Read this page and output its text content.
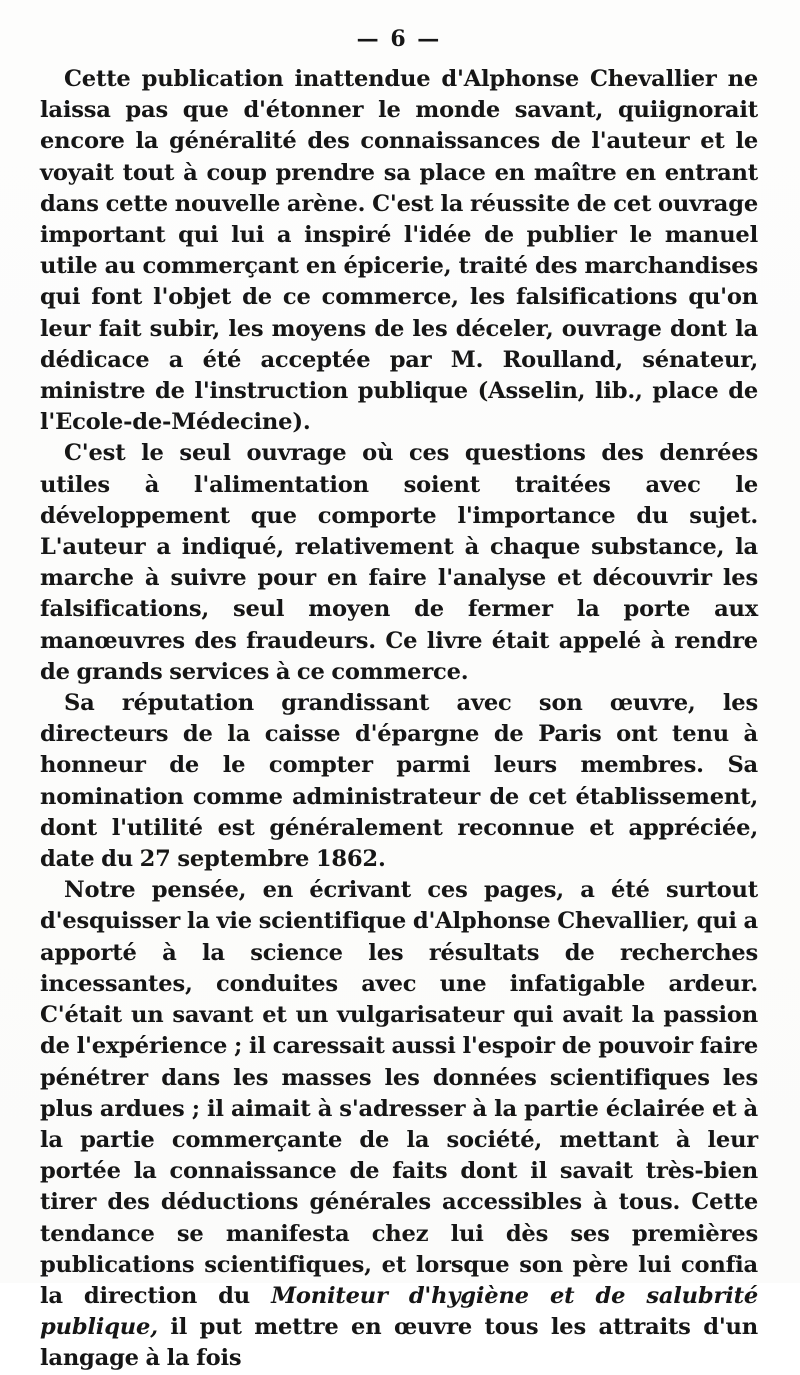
— 6 —

Cette publication inattendue d'Alphonse Chevallier ne laissa pas que d'étonner le monde savant, quiignorait encore la généralité des connaissances de l'auteur et le voyait tout à coup prendre sa place en maître en entrant dans cette nouvelle arène. C'est la réussite de cet ouvrage important qui lui a inspiré l'idée de publier le manuel utile au commerçant en épicerie, traité des marchandises qui font l'objet de ce commerce, les falsifications qu'on leur fait subir, les moyens de les déceler, ouvrage dont la dédicace a été acceptée par M. Roulland, sénateur, ministre de l'instruction publique (Asselin, lib., place de l'Ecole-de-Médecine).

C'est le seul ouvrage où ces questions des denrées utiles à l'alimentation soient traitées avec le développement que comporte l'importance du sujet. L'auteur a indiqué, relativement à chaque substance, la marche à suivre pour en faire l'analyse et découvrir les falsifications, seul moyen de fermer la porte aux manœuvres des fraudeurs. Ce livre était appelé à rendre de grands services à ce commerce.

Sa réputation grandissant avec son œuvre, les directeurs de la caisse d'épargne de Paris ont tenu à honneur de le compter parmi leurs membres. Sa nomination comme administrateur de cet établissement, dont l'utilité est généralement reconnue et appréciée, date du 27 septembre 1862.

Notre pensée, en écrivant ces pages, a été surtout d'esquisser la vie scientifique d'Alphonse Chevallier, qui a apporté à la science les résultats de recherches incessantes, conduites avec une infatigable ardeur. C'était un savant et un vulgarisateur qui avait la passion de l'expérience ; il caressait aussi l'espoir de pouvoir faire pénétrer dans les masses les données scientifiques les plus ardues ; il aimait à s'adresser à la partie éclairée et à la partie commerçante de la société, mettant à leur portée la connaissance de faits dont il savait très-bien tirer des déductions générales accessibles à tous. Cette tendance se manifesta chez lui dès ses premières publications scientifiques, et lorsque son père lui confia la direction du Moniteur d'hygiène et de salubrité publique, il put mettre en œuvre tous les attraits d'un langage à la fois
